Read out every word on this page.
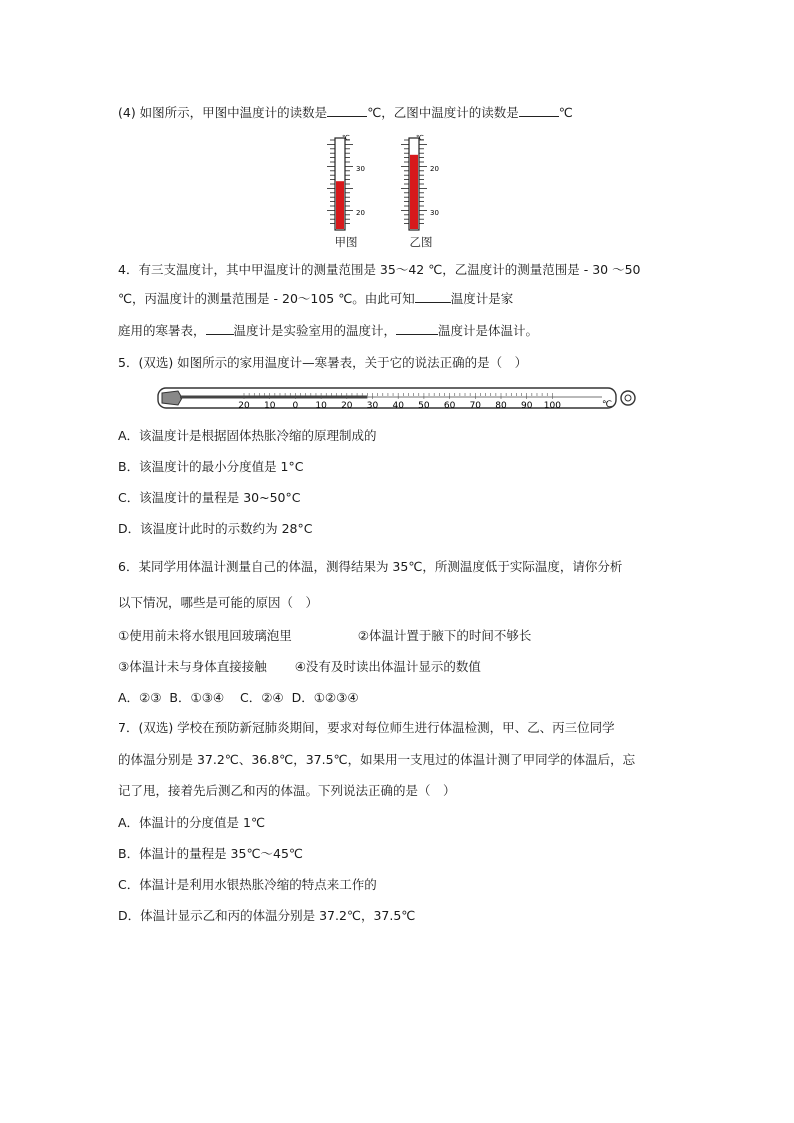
(4) 如图所示，甲图中温度计的读数是	℃，乙图中温度计的读数是	℃
℃
30
20
℃
20
30
甲图	乙图
4．有三支温度计，其中甲温度计的测量范围是 35～42 ℃，乙温度计的测量范围是 ‑ 30 ～50
℃，丙温度计的测量范围是 ‑ 20～105 ℃。由此可知	温度计是家
庭用的寒暑表， 温度计是实验室用的温度计，	温度计是体温计。
5．(双选) 如图所示的家用温度计—寒暑表，关于它的说法正确的是（　）
20 10 0 10 20 30 40 50 60 70 80 90 100	℃
A．该温度计是根据固体热胀冷缩的原理制成的
B．该温度计的最小分度值是 1°C
C．该温度计的量程是 30~50°C
D．该温度计此时的示数约为 28°C
6．某同学用体温计测量自己的体温，测得结果为 35℃，所测温度低于实际温度，请你分析
以下情况，哪些是可能的原因（　）
①使用前未将水银甩回玻璃泡里	②体温计置于腋下的时间不够长
③体温计未与身体直接接触 ④没有及时读出体温计显示的数值
A．②③  B．①③④    C．②④  D．①②③④
7．(双选) 学校在预防新冠肺炎期间，要求对每位师生进行体温检测，甲、乙、丙三位同学
的体温分别是 37.2℃、36.8℃，37.5℃，如果用一支甩过的体温计测了甲同学的体温后，忘
记了甩，接着先后测乙和丙的体温。下列说法正确的是（　）
A．体温计的分度值是 1℃
B．体温计的量程是 35℃～45℃
C．体温计是利用水银热胀冷缩的特点来工作的
D．体温计显示乙和丙的体温分别是 37.2℃，37.5℃
